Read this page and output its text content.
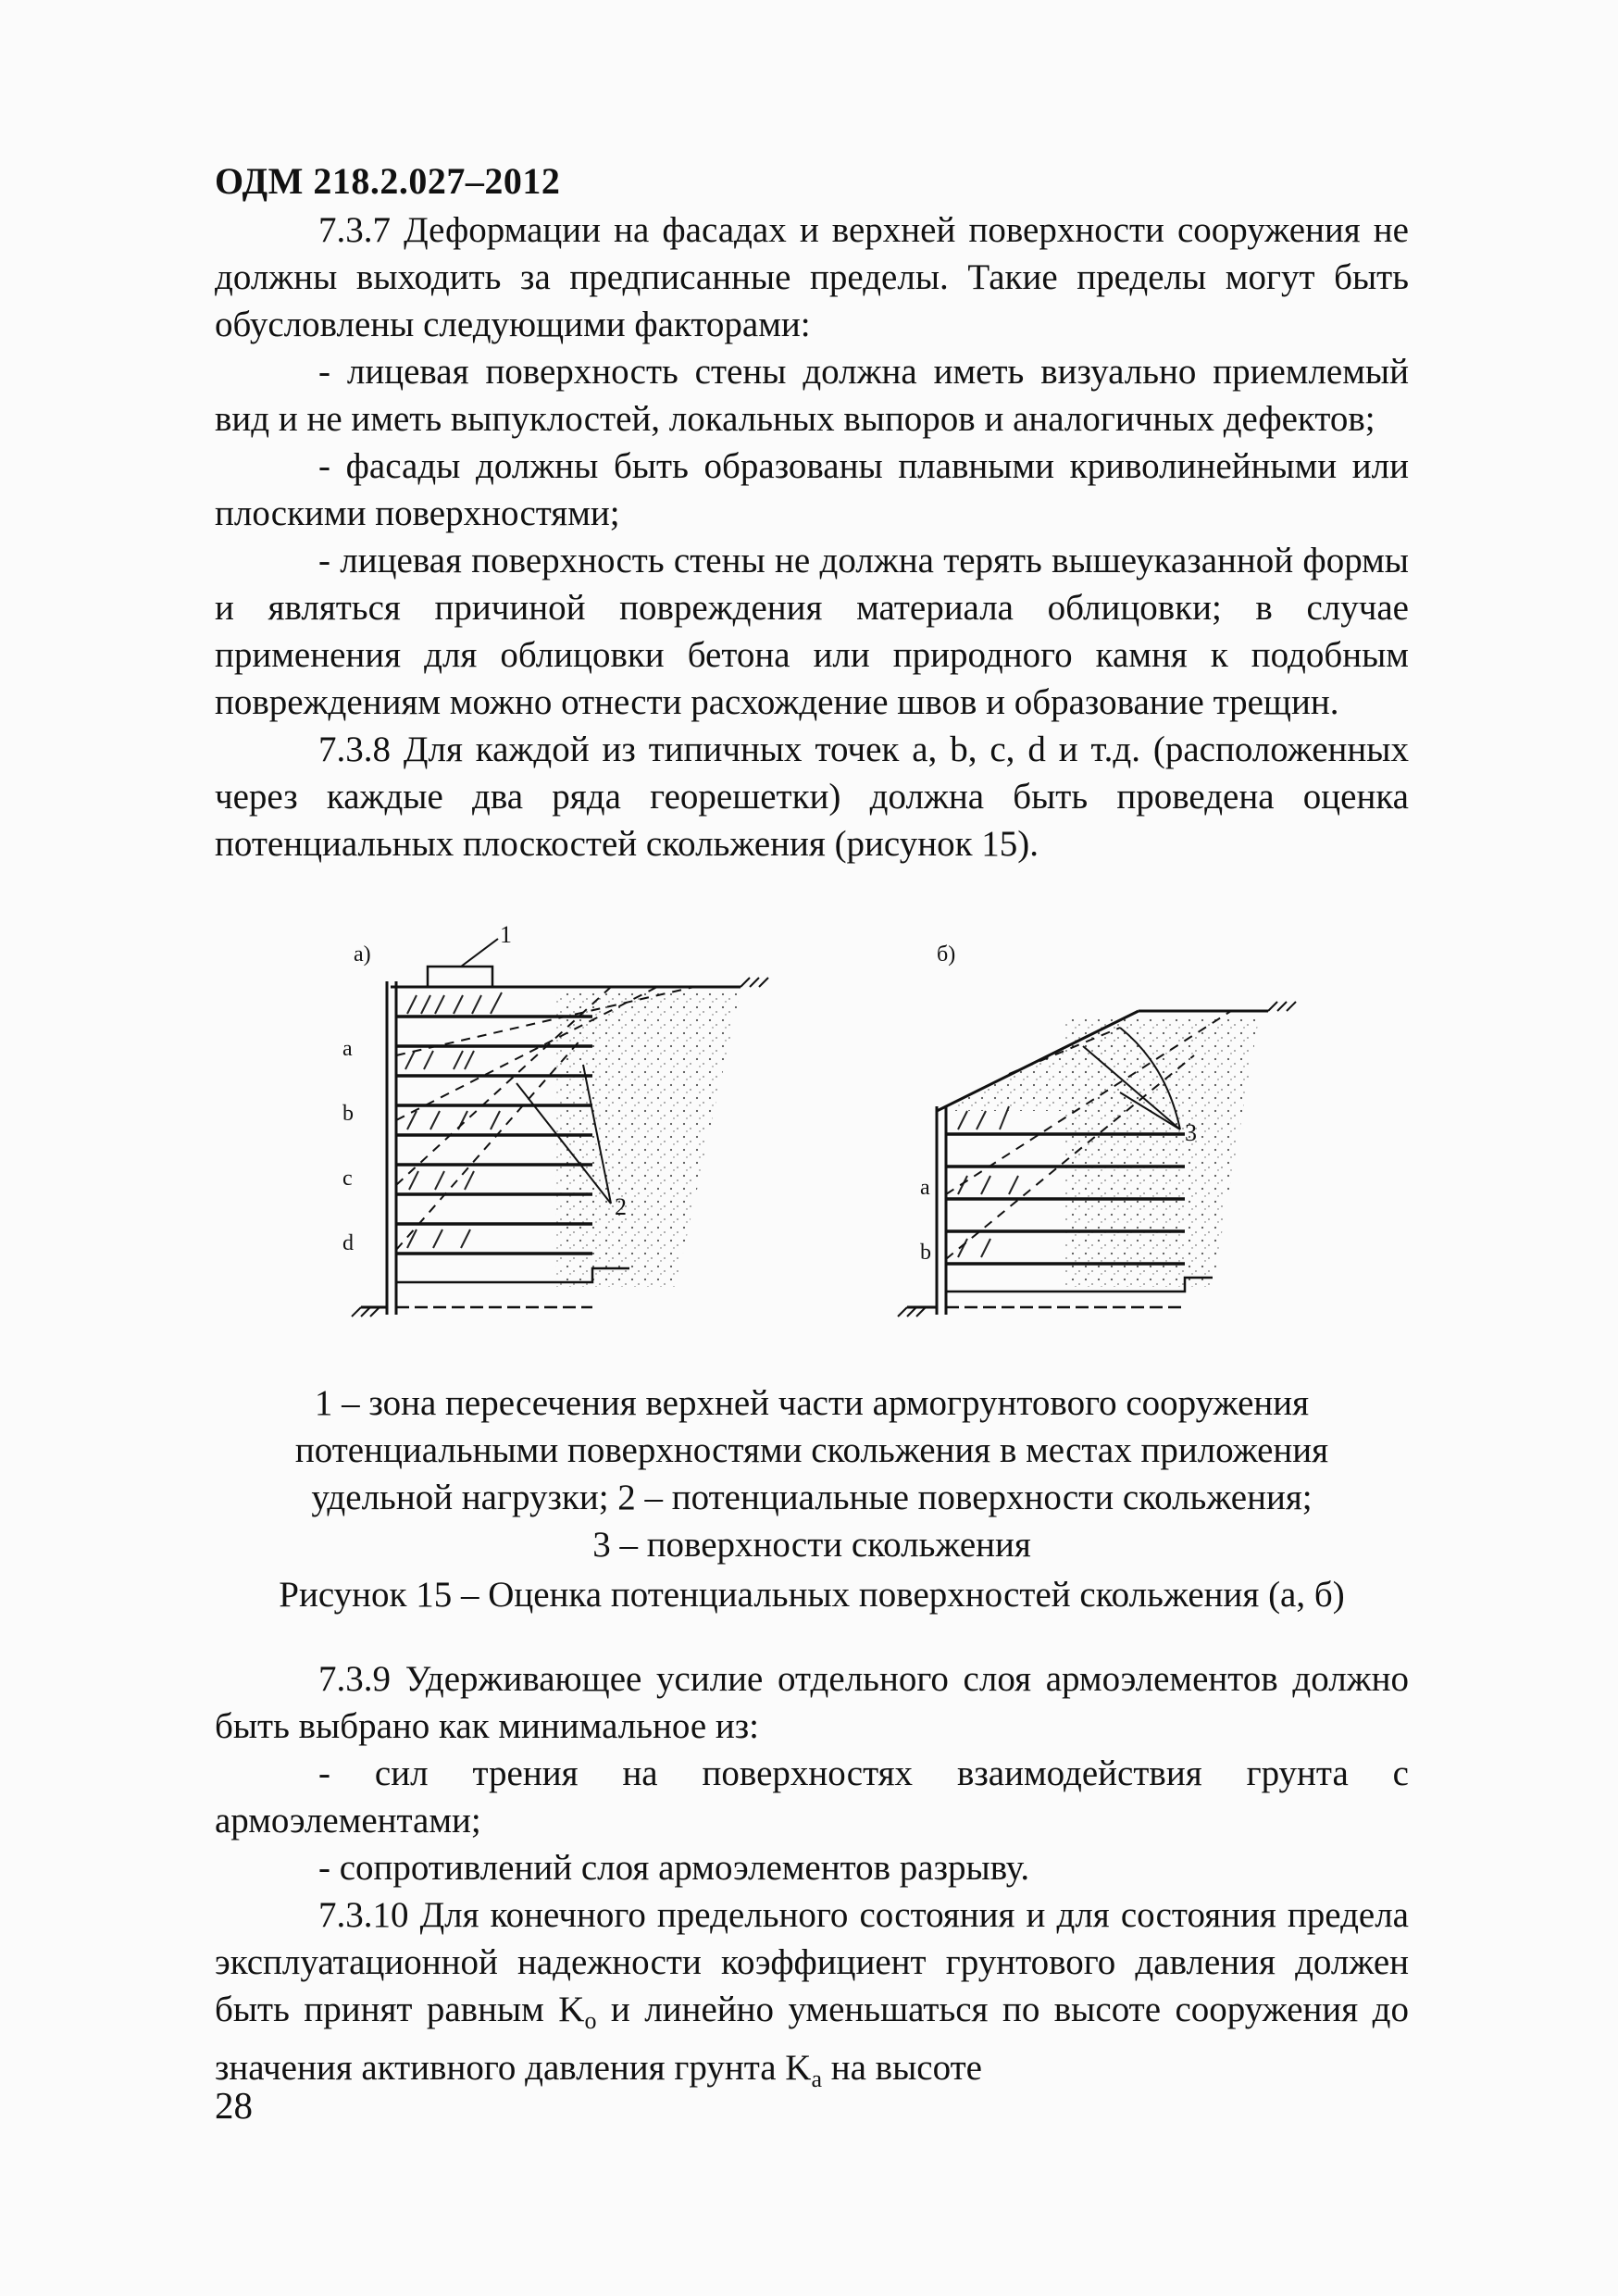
ОДМ 218.2.027–2012

7.3.7 Деформации на фасадах и верхней поверхности сооружения не должны выходить за предписанные пределы. Такие пределы могут быть обусловлены следующими факторами:

- лицевая поверхность стены должна иметь визуально приемлемый вид и не иметь выпуклостей, локальных выпоров и аналогичных дефектов;

- фасады должны быть образованы плавными криволинейными или плоскими поверхностями;

- лицевая поверхность стены не должна терять вышеуказанной формы и являться причиной повреждения материала облицовки; в случае применения для облицовки бетона или природного камня к подобным повреждениям можно отнести расхождение швов и образование трещин.

7.3.8 Для каждой из типичных точек a, b, c, d и т.д. (расположенных через каждые два ряда георешетки) должна быть проведена оценка потенциальных плоскостей скольжения (рисунок 15).

а)
1
2
a
b
c
d
б)
3
a
b
1 – зона пересечения верхней части армогрунтового сооружения
потенциальными поверхностями скольжения в местах приложения
удельной нагрузки; 2 – потенциальные поверхности скольжения;
3 – поверхности скольжения
Рисунок 15 – Оценка потенциальных поверхностей скольжения (а, б)

7.3.9 Удерживающее усилие отдельного слоя армоэлементов должно быть выбрано как минимальное из:

- сил трения на поверхностях взаимодействия грунта с армоэлементами;

- сопротивлений слоя армоэлементов разрыву.

7.3.10 Для конечного предельного состояния и для состояния предела эксплуатационной надежности коэффициент грунтового давления должен быть принят равным $K_о$ и линейно уменьшаться по высоте сооружения до значения активного давления грунта $K_а$ на высоте

28
